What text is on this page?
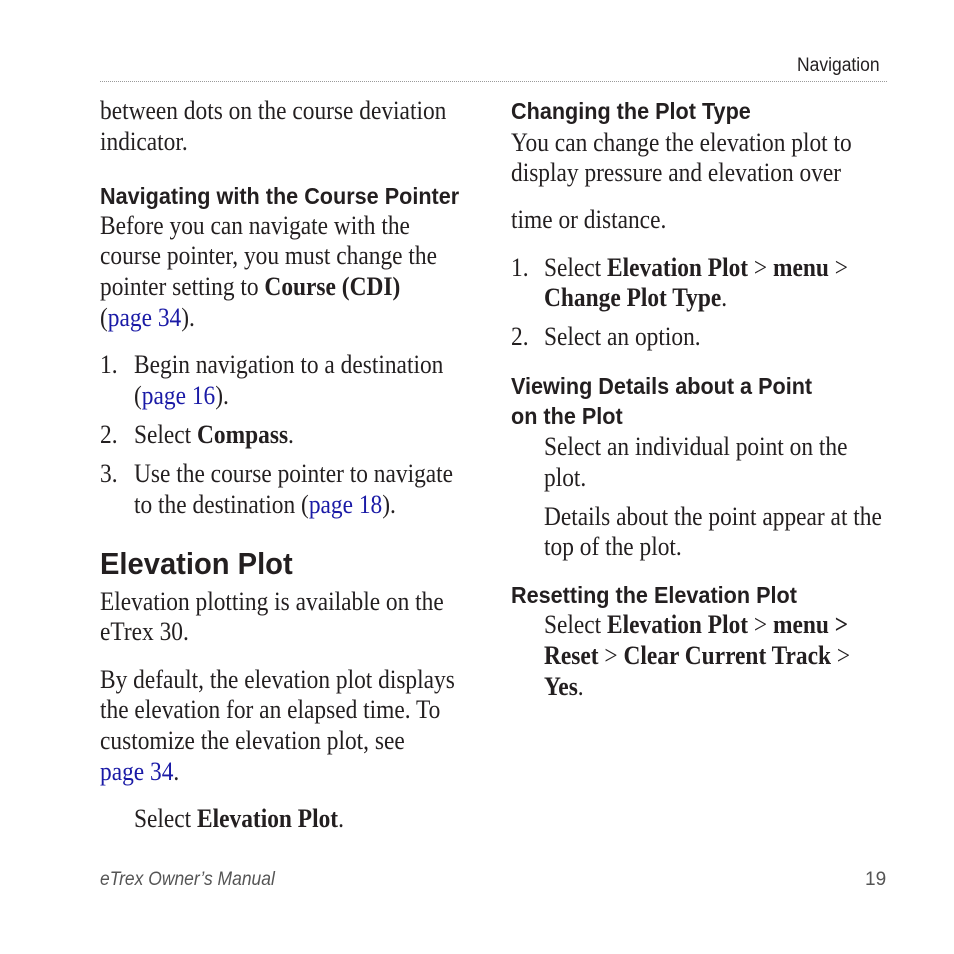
Navigation
between dots on the course deviation
indicator.
Navigating with the Course Pointer
Before you can navigate with the
course pointer, you must change the
pointer setting to Course (CDI)
(page 34).
1. Begin navigation to a destination
(page 16).
2. Select Compass.
3. Use the course pointer to navigate
to the destination (page 18).
Elevation Plot
Elevation plotting is available on the
eTrex 30.
By default, the elevation plot displays
the elevation for an elapsed time. To
customize the elevation plot, see
page 34.
Select Elevation Plot.
Changing the Plot Type
You can change the elevation plot to
display pressure and elevation over
time or distance.
1. Select Elevation Plot > menu >
Change Plot Type.
2. Select an option.
Viewing Details about a Point
on the Plot
Select an individual point on the
plot.
Details about the point appear at the
top of the plot.
Resetting the Elevation Plot
Select Elevation Plot > menu >
Reset > Clear Current Track >
Yes.
eTrex Owner’s Manual	19
